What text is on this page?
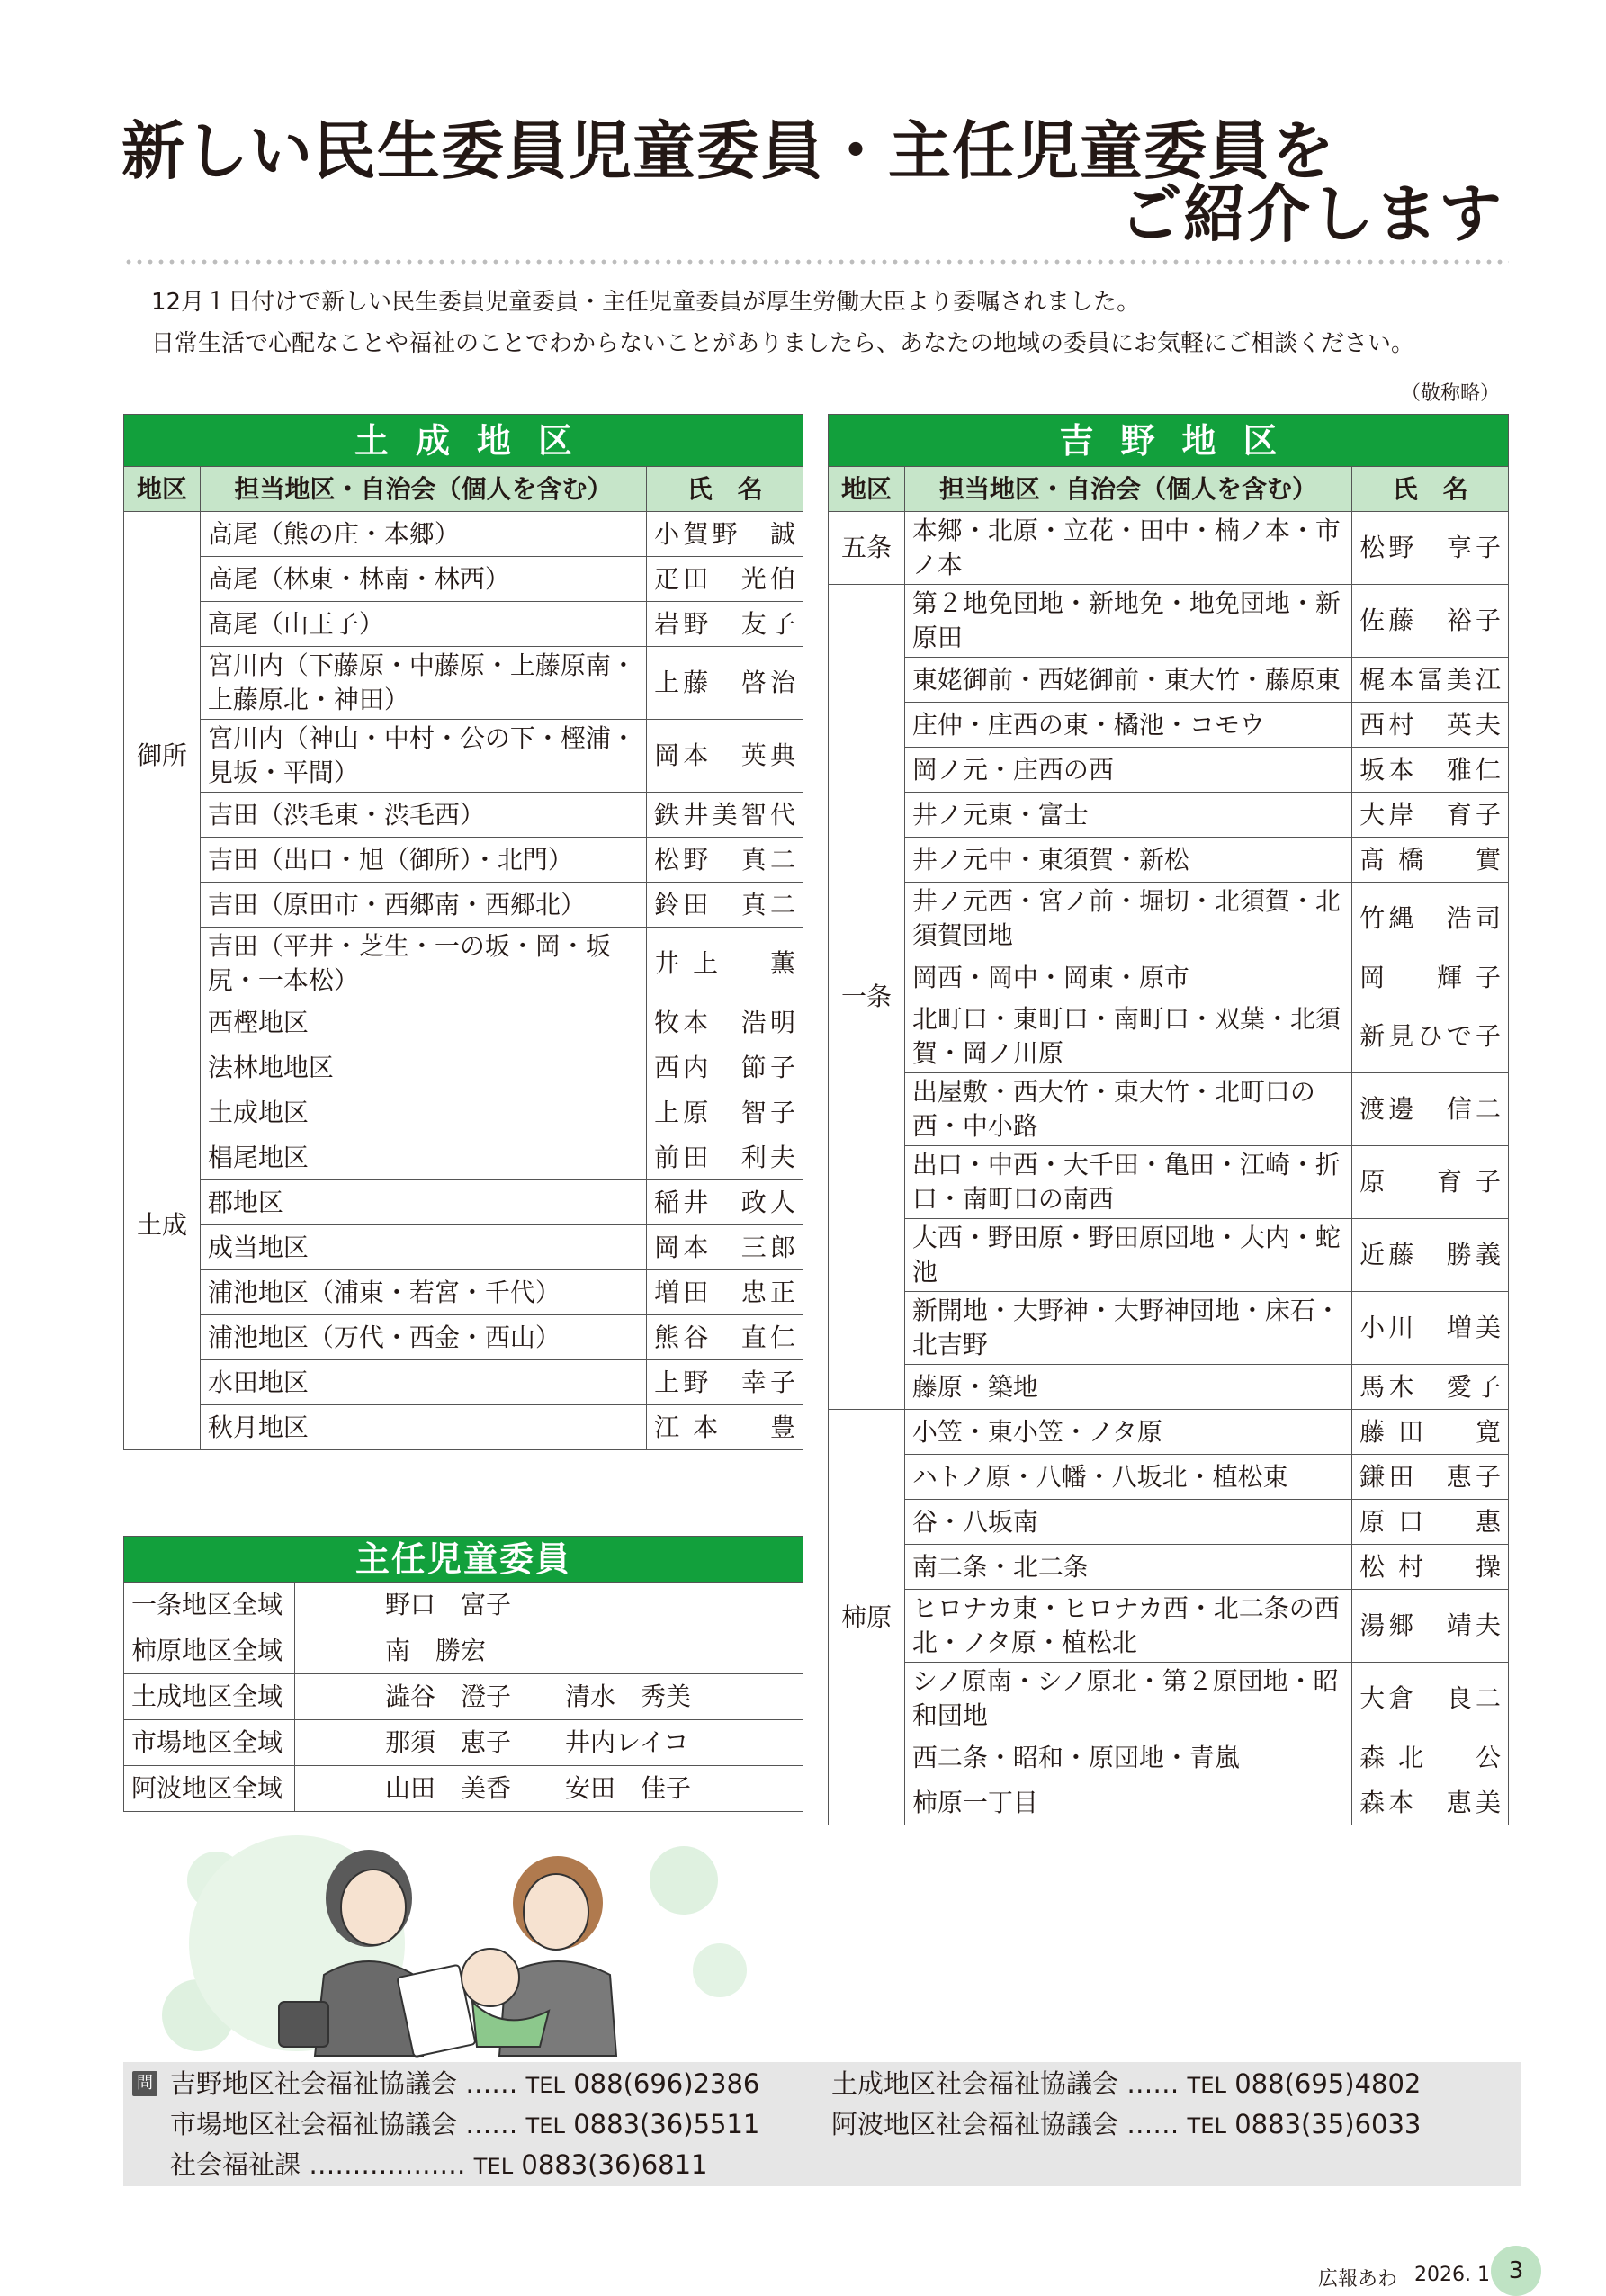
新しい民生委員児童委員・主任児童委員を
ご紹介します
12月１日付けで新しい民生委員児童委員・主任児童委員が厚生労働大臣より委嘱されました。
日常生活で心配なことや福祉のことでわからないことがありましたら、あなたの地域の委員にお気軽にご相談ください。
（敬称略）
土成地区		
地区	担当地区・自治会（個人を含む）	氏　名
御所	高尾（熊の庄・本郷）	小賀野　誠
	高尾（林東・林南・林西）	疋田　光伯
	高尾（山王子）	岩野　友子
	宮川内（下藤原・中藤原・上藤原南・上藤原北・神田）	上藤　啓治
	宮川内（神山・中村・公の下・樫浦・見坂・平間）	岡本　英典
	吉田（渋毛東・渋毛西）	鉄井美智代
	吉田（出口・旭（御所）・北門）	松野　真二
	吉田（原田市・西郷南・西郷北）	鈴田　真二
	吉田（平井・芝生・一の坂・岡・坂尻・一本松）	井上　薫
土成	西樫地区	牧本　浩明
	法林地地区	西内　節子
	土成地区	上原　智子
	椙尾地区	前田　利夫
	郡地区	稲井　政人
	成当地区	岡本　三郎
	浦池地区（浦東・若宮・千代）	増田　忠正
	浦池地区（万代・西金・西山）	熊谷　直仁
	水田地区	上野　幸子
	秋月地区	江本　豊
吉野地区		
地区	担当地区・自治会（個人を含む）	氏　名
五条	本郷・北原・立花・田中・楠ノ本・市ノ本	松野　享子
一条	第２地免団地・新地免・地免団地・新原田	佐藤　裕子
	東姥御前・西姥御前・東大竹・藤原東	梶本冨美江
	庄仲・庄西の東・橘池・コモウ	西村　英夫
	岡ノ元・庄西の西	坂本　雅仁
	井ノ元東・富士	大岸　育子
	井ノ元中・東須賀・新松	髙橋　實
	井ノ元西・宮ノ前・堀切・北須賀・北須賀団地	竹縄　浩司
	岡西・岡中・岡東・原市	岡　輝子
	北町口・東町口・南町口・双葉・北須賀・岡ノ川原	新見ひで子
	出屋敷・西大竹・東大竹・北町口の西・中小路	渡邊　信二
	出口・中西・大千田・亀田・江崎・折口・南町口の南西	原　育子
	大西・野田原・野田原団地・大内・蛇池	近藤　勝義
	新開地・大野神・大野神団地・床石・北吉野	小川　増美
	藤原・築地	馬木　愛子
柿原	小笠・東小笠・ノタ原	藤田　寛
	ハトノ原・八幡・八坂北・植松東	鎌田　恵子
	谷・八坂南	原口　惠
	南二条・北二条	松村　操
	ヒロナカ東・ヒロナカ西・北二条の西北・ノタ原・植松北	湯郷　靖夫
	シノ原南・シノ原北・第２原団地・昭和団地	大倉　良二
	西二条・昭和・原団地・青嵐	森北　公
	柿原一丁目	森本　恵美
主任児童委員	
一条地区全域	野口　富子
柿原地区全域	南　勝宏
土成地区全域	澁谷　澄子 清水　秀美
市場地区全域	那須　恵子 井内レイコ
阿波地区全域	山田　美香 安田　佳子
問 吉野地区社会福祉協議会 ‥‥‥ TEL 088(696)2386	土成地区社会福祉協議会 ‥‥‥ TEL 088(695)4802
市場地区社会福祉協議会 ‥‥‥ TEL 0883(36)5511	阿波地区社会福祉協議会 ‥‥‥ TEL 0883(35)6033
社会福祉課 ‥‥‥‥‥‥‥‥‥ TEL 0883(36)6811
広報あわ 2026. 1 3
